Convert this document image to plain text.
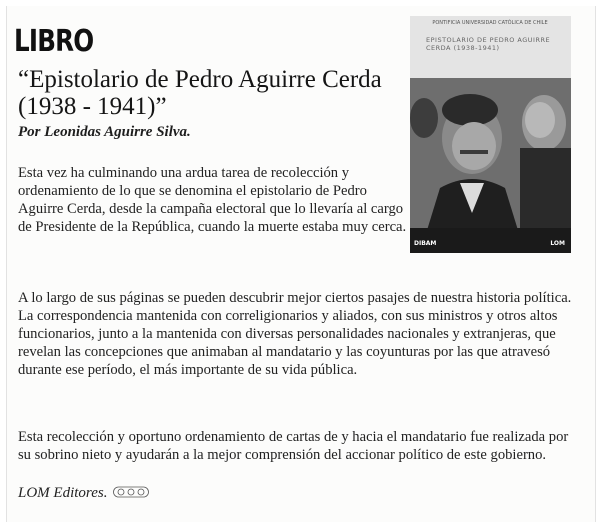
LIBRO
“Epistolario de Pedro Aguirre Cerda (1938 - 1941)”
Por Leonidas Aguirre Silva.
Esta vez ha culminando una ardua tarea de recolección y ordenamiento de lo que se denomina el epistolario de Pedro Aguirre Cerda, desde la campaña electoral que lo llevaría al cargo de Presidente de la República, cuando la muerte estaba muy cerca.
A lo largo de sus páginas se pueden descubrir mejor ciertos pasajes de nuestra historia política. La correspondencia mantenida con correligionarios y aliados, con sus ministros y otros altos funcionarios, junto a la mantenida con diversas personalidades nacionales y extranjeras, que revelan las concepciones que animaban al mandatario y las coyunturas por las que atravesó durante ese período, el más importante de su vida pública.
Esta recolección y oportuno ordenamiento de cartas de y hacia el mandatario fue realizada por su sobrino nieto y ayudarán a la mejor comprensión del accionar político de este gobierno.
LOM Editores.
PONTIFICIA UNIVERSIDAD CATÓLICA DE CHILE
EPISTOLARIO DE PEDRO AGUIRRE CERDA (1938-1941)
DIBAM	LOM
